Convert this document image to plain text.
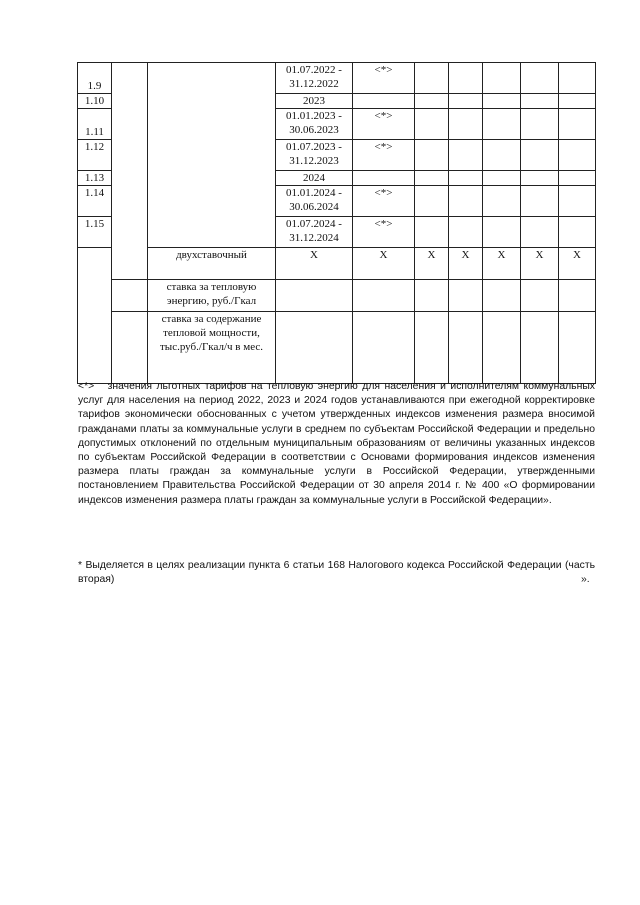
1.9			01.07.2022 - 31.12.2022	<*>					
1.10			2023						
1.11			01.01.2023 - 30.06.2023	<*>					
1.12			01.07.2023 - 31.12.2023	<*>					
1.13			2024						
1.14			01.01.2024 - 30.06.2024	<*>					
1.15			01.07.2024 - 31.12.2024	<*>					
		двухставочный	X	X	X	X	X	X	X
		ставка за тепловую энергию, руб./Гкал							
		ставка за содержание тепловой мощности, тыс.руб./Гкал/ч в мес.							

<*> значения льготных тарифов на тепловую энергию для населения и исполнителям коммунальных услуг для населения на период 2022, 2023 и 2024 годов устанавливаются при ежегодной корректировке тарифов экономически обоснованных с учетом утвержденных индексов изменения размера вносимой гражданами платы за коммунальные услуги в среднем по субъектам Российской Федерации и предельно допустимых отклонений по отдельным муниципальным образованиям от величины указанных индексов по субъектам Российской Федерации в соответствии с Основами формирования индексов изменения размера платы граждан за коммунальные услуги в Российской Федерации, утвержденными постановлением Правительства Российской Федерации от 30 апреля 2014 г. № 400 «О формировании индексов изменения размера платы граждан за коммунальные услуги в Российской Федерации».

* Выделяется в целях реализации пункта 6 статьи 168 Налогового кодекса Российской Федерации (часть вторая)	».
